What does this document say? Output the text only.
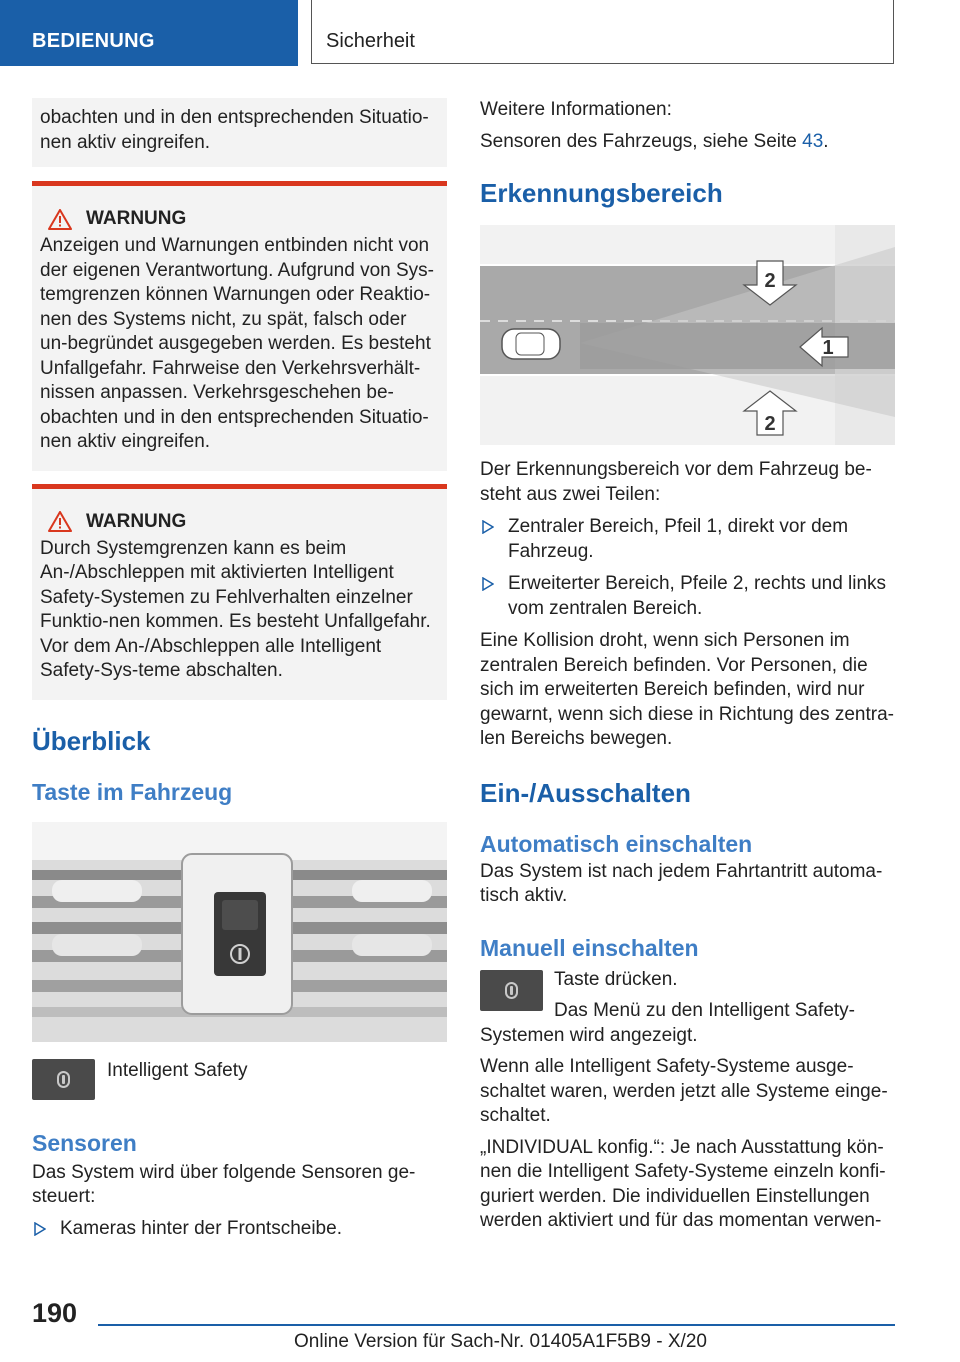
BEDIENUNG	Sicherheit

obachten und in den entsprechenden Situatio-nen aktiv eingreifen.

WARNUNG

Anzeigen und Warnungen entbinden nicht von der eigenen Verantwortung. Aufgrund von Sys-temgrenzen können Warnungen oder Reaktio-nen des Systems nicht, zu spät, falsch oder un-begründet ausgegeben werden. Es besteht Unfallgefahr. Fahrweise den Verkehrsverhält-nissen anpassen. Verkehrsgeschehen be-obachten und in den entsprechenden Situatio-nen aktiv eingreifen.

WARNUNG

Durch Systemgrenzen kann es beim An-/Abschleppen mit aktivierten Intelligent Safety-Systemen zu Fehlverhalten einzelner Funktio-nen kommen. Es besteht Unfallgefahr. Vor dem An-/Abschleppen alle Intelligent Safety-Sys-teme abschalten.

Überblick
Taste im Fahrzeug

Intelligent Safety

Sensoren

Das System wird über folgende Sensoren ge-steuert:

Kameras hinter der Frontscheibe.

Weitere Informationen:

Sensoren des Fahrzeugs, siehe Seite 43.

Erkennungsbereich
2
1
2

Der Erkennungsbereich vor dem Fahrzeug be-steht aus zwei Teilen:

Zentraler Bereich, Pfeil 1, direkt vor dem Fahrzeug.
Erweiterter Bereich, Pfeile 2, rechts und links vom zentralen Bereich.

Eine Kollision droht, wenn sich Personen im zentralen Bereich befinden. Vor Personen, die sich im erweiterten Bereich befinden, wird nur gewarnt, wenn sich diese in Richtung des zentra-len Bereichs bewegen.

Ein-/Ausschalten
Automatisch einschalten

Das System ist nach jedem Fahrtantritt automa-tisch aktiv.

Manuell einschalten

Taste drücken.

Das Menü zu den Intelligent Safety-Systemen wird angezeigt.

Wenn alle Intelligent Safety-Systeme ausge-schaltet waren, werden jetzt alle Systeme einge-schaltet.

„INDIVIDUAL konfig.“: Je nach Ausstattung kön-nen die Intelligent Safety-Systeme einzeln konfi-guriert werden. Die individuellen Einstellungen werden aktiviert und für das momentan verwen-

190
Online Version für Sach-Nr. 01405A1F5B9 - X/20
